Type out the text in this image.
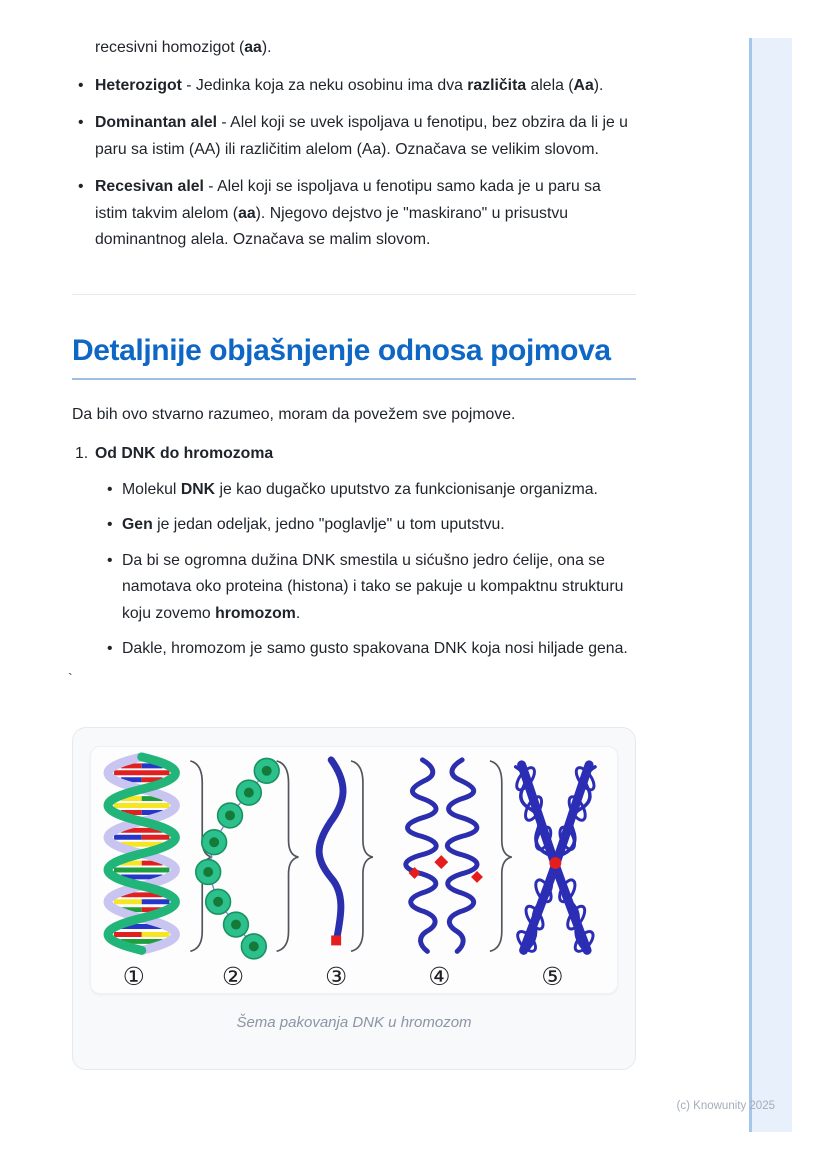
recesivni homozigot (aa).
• Heterozigot - Jedinka koja za neku osobinu ima dva različita alela (Aa).
• Dominantan alel - Alel koji se uvek ispoljava u fenotipu, bez obzira da li je u paru sa istim (AA) ili različitim alelom (Aa). Označava se velikim slovom.
• Recesivan alel - Alel koji se ispoljava u fenotipu samo kada je u paru sa istim takvim alelom (aa). Njegovo dejstvo je "maskirano" u prisustvu dominantnog alela. Označava se malim slovom.
Detaljnije objašnjenje odnosa pojmova

Da bih ovo stvarno razumeo, moram da povežem sve pojmove.

1. Od DNK do hromozoma
• Molekul DNK je kao dugačko uputstvo za funkcionisanje organizma.
• Gen je jedan odeljak, jedno "poglavlje" u tom uputstvu.
• Da bi se ogromna dužina DNK smestila u sićušno jedro ćelije, ona se namotava oko proteina (histona) i tako se pakuje u kompaktnu strukturu koju zovemo hromozom.
• Dakle, hromozom je samo gusto spakovana DNK koja nosi hiljade gena.
`
①	②	③	④	⑤
Šema pakovanja DNK u hromozom
(c) Knowunity 2025
